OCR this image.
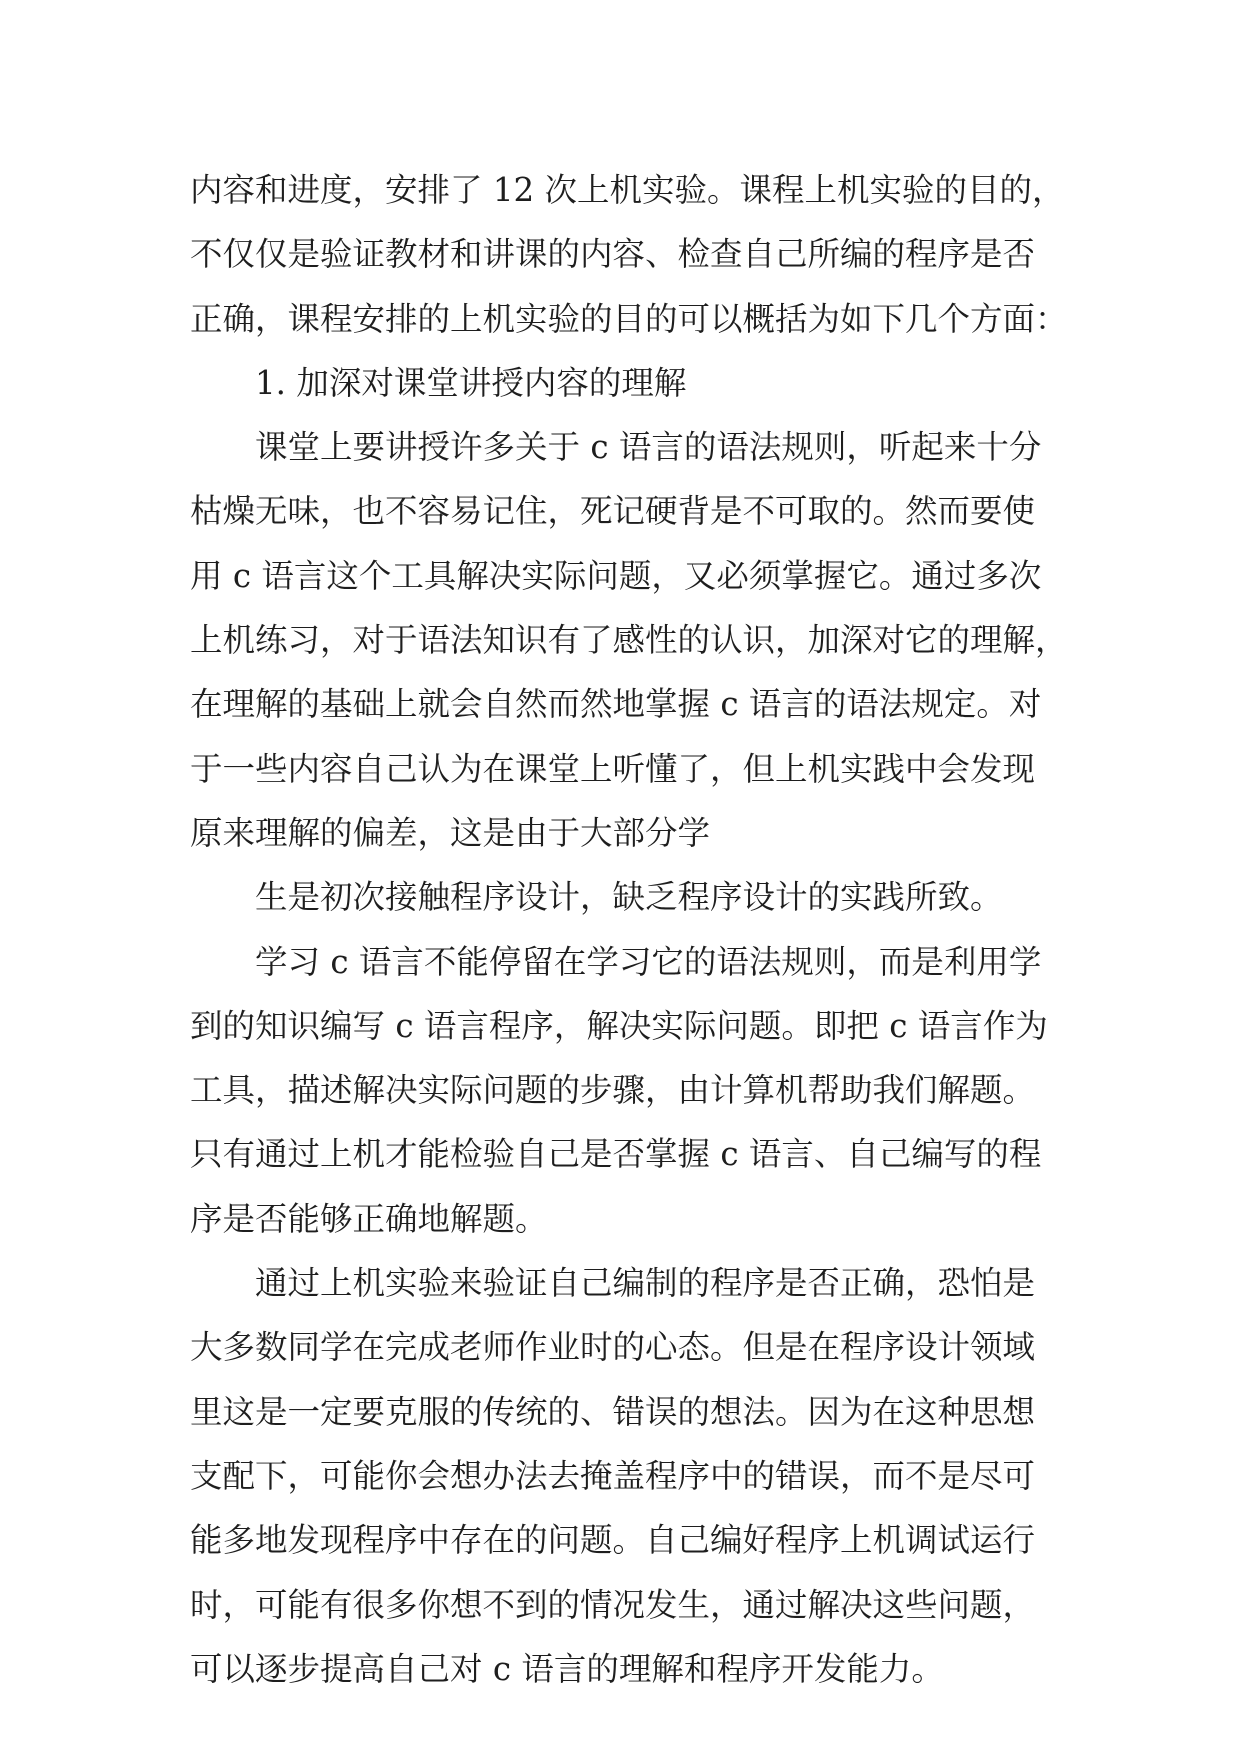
内容和进度，安排了 12 次上机实验。课程上机实验的目的，
不仅仅是验证教材和讲课的内容、检查自己所编的程序是否
正确，课程安排的上机实验的目的可以概括为如下几个方面：
1. 加深对课堂讲授内容的理解
课堂上要讲授许多关于 c 语言的语法规则，听起来十分
枯燥无味，也不容易记住，死记硬背是不可取的。然而要使
用 c 语言这个工具解决实际问题，又必须掌握它。通过多次
上机练习，对于语法知识有了感性的认识，加深对它的理解，
在理解的基础上就会自然而然地掌握 c 语言的语法规定。对
于一些内容自己认为在课堂上听懂了，但上机实践中会发现
原来理解的偏差，这是由于大部分学
生是初次接触程序设计，缺乏程序设计的实践所致。
学习 c 语言不能停留在学习它的语法规则，而是利用学
到的知识编写 c 语言程序，解决实际问题。即把 c 语言作为
工具，描述解决实际问题的步骤，由计算机帮助我们解题。
只有通过上机才能检验自己是否掌握 c 语言、自己编写的程
序是否能够正确地解题。
通过上机实验来验证自己编制的程序是否正确，恐怕是
大多数同学在完成老师作业时的心态。但是在程序设计领域
里这是一定要克服的传统的、错误的想法。因为在这种思想
支配下，可能你会想办法去掩盖程序中的错误，而不是尽可
能多地发现程序中存在的问题。自己编好程序上机调试运行
时，可能有很多你想不到的情况发生，通过解决这些问题，
可以逐步提高自己对 c 语言的理解和程序开发能力。
